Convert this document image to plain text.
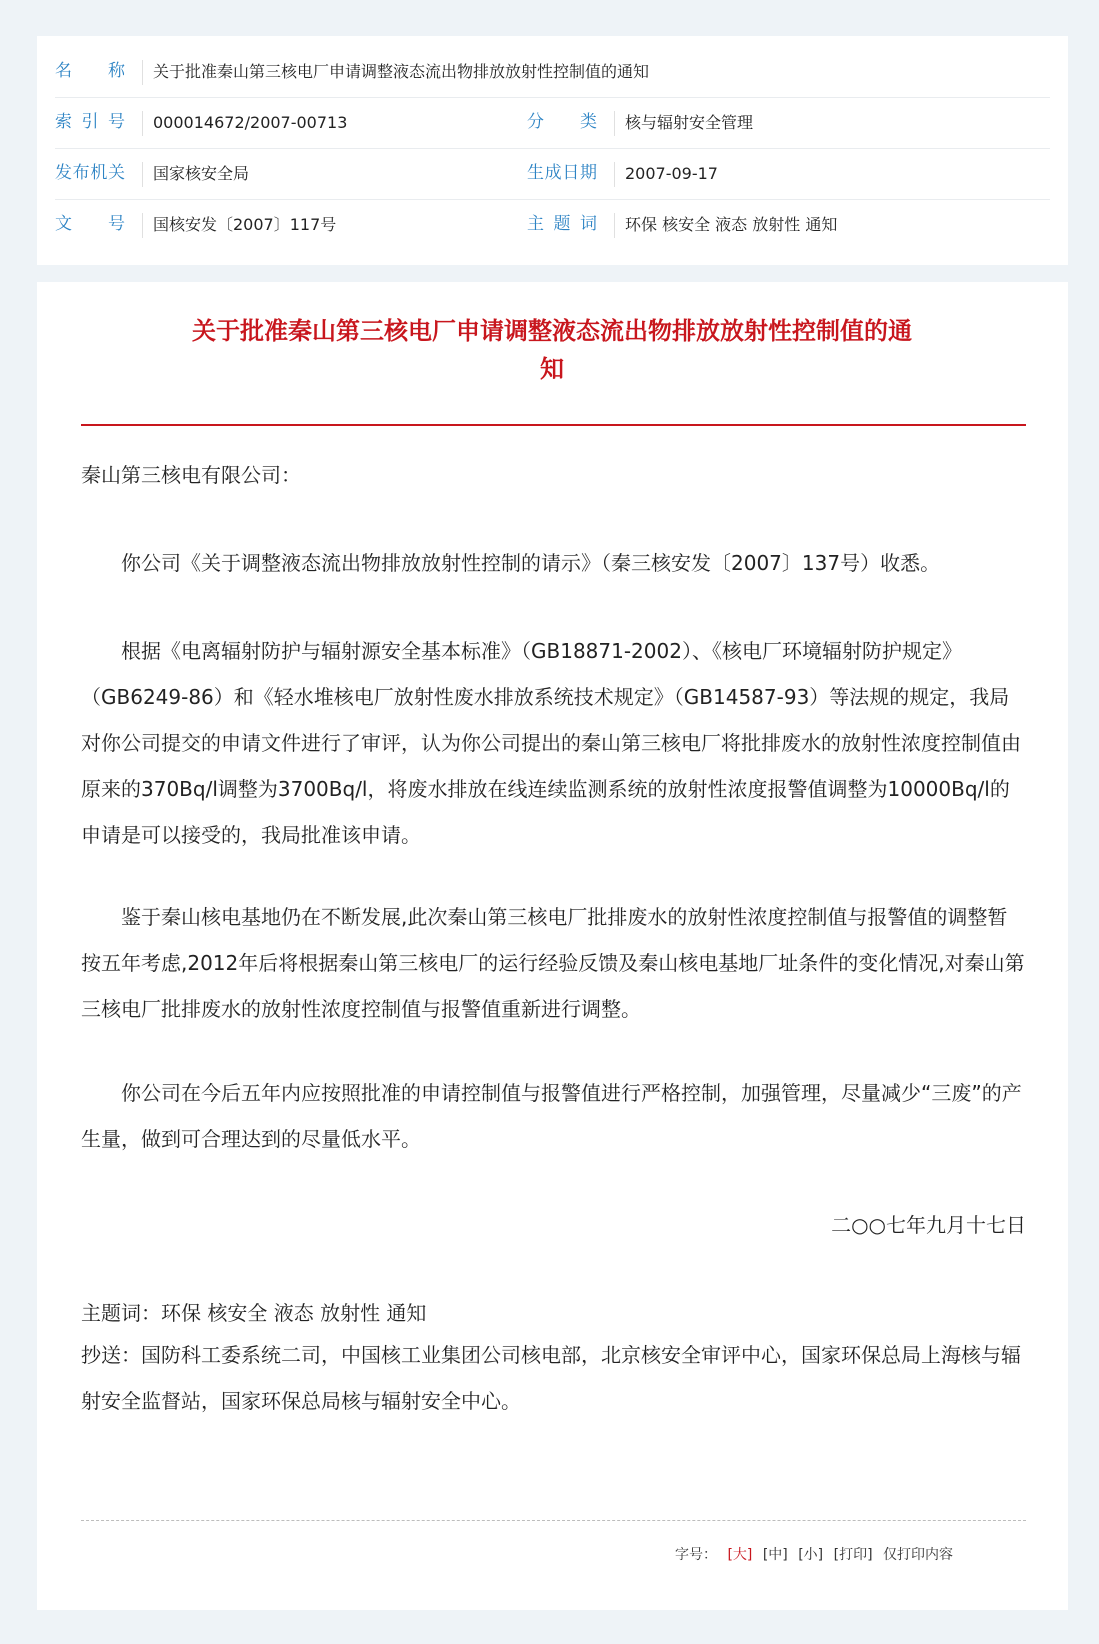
名称 关于批准秦山第三核电厂申请调整液态流出物排放放射性控制值的通知
索引号 000014672/2007-00713	分类 核与辐射安全管理
发布机关 国家核安全局	生成日期 2007-09-17
文号 国核安发〔2007〕117号	主题词 环保 核安全 液态 放射性 通知
关于批准秦山第三核电厂申请调整液态流出物排放放射性控制值的通
知

秦山第三核电有限公司：

你公司《关于调整液态流出物排放放射性控制的请示》（秦三核安发〔2007〕137号）收悉。

根据《电离辐射防护与辐射源安全基本标准》（GB18871-2002）、《核电厂环境辐射防护规定》（GB6249-86）和《轻水堆核电厂放射性废水排放系统技术规定》（GB14587-93）等法规的规定，我局对你公司提交的申请文件进行了审评，认为你公司提出的秦山第三核电厂将批排废水的放射性浓度控制值由原来的370Bq/l调整为3700Bq/l，将废水排放在线连续监测系统的放射性浓度报警值调整为10000Bq/l的申请是可以接受的，我局批准该申请。

鉴于秦山核电基地仍在不断发展,此次秦山第三核电厂批排废水的放射性浓度控制值与报警值的调整暂按五年考虑,2012年后将根据秦山第三核电厂的运行经验反馈及秦山核电基地厂址条件的变化情况,对秦山第三核电厂批排废水的放射性浓度控制值与报警值重新进行调整。

你公司在今后五年内应按照批准的申请控制值与报警值进行严格控制，加强管理，尽量减少“三废”的产生量，做到可合理达到的尽量低水平。

二○○七年九月十七日

主题词：环保 核安全 液态 放射性 通知

抄送：国防科工委系统二司，中国核工业集团公司核电部，北京核安全审评中心，国家环保总局上海核与辐射安全监督站，国家环保总局核与辐射安全中心。

字号： [大] [中] [小] [打印] 仅打印内容
